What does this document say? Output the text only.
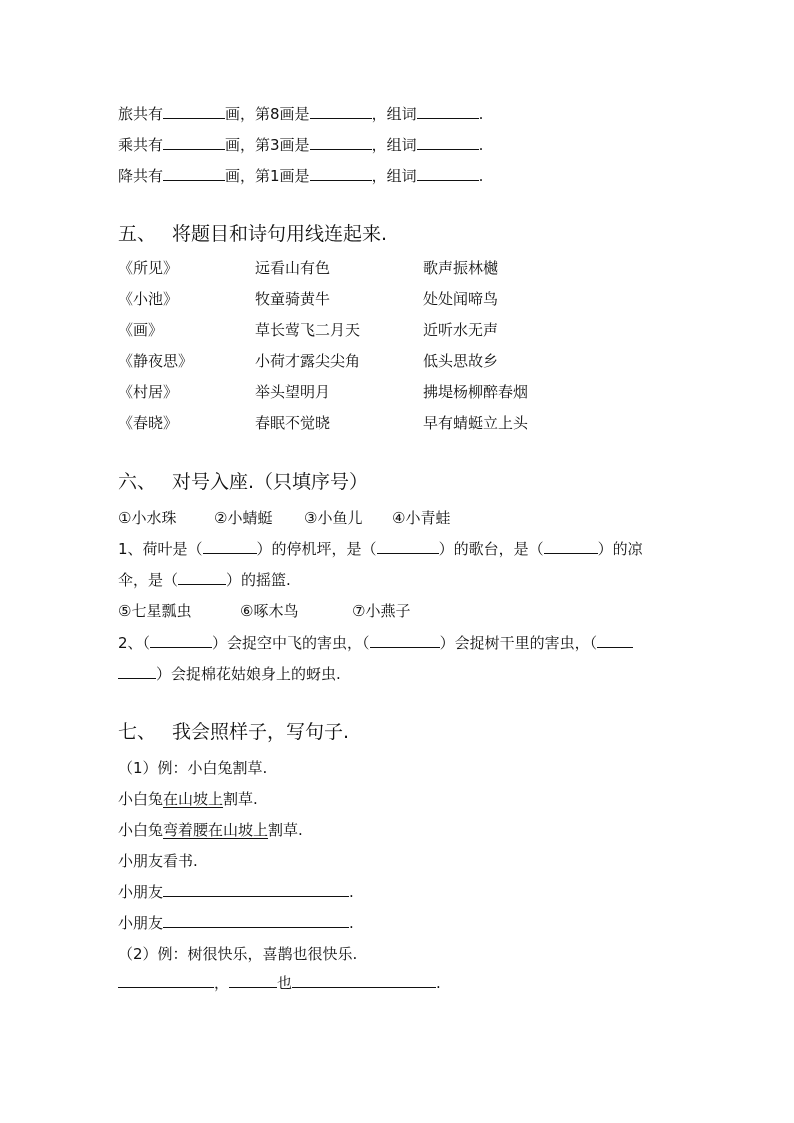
旅共有	画，第8画是	，组词	.
乘共有	画，第3画是	，组词	.
降共有	画，第1画是	，组词	.
五、 将题目和诗句用线连起来.
《所见》	远看山有色	歌声振林樾
《小池》	牧童骑黄牛	处处闻啼鸟
《画》	草长莺飞二月天	近听水无声
《静夜思》	小荷才露尖尖角	低头思故乡
《村居》	举头望明月	拂堤杨柳醉春烟
《春晓》	春眠不觉晓	早有蜻蜓立上头
六、 对号入座.（只填序号）
①小水珠	②小蜻蜓 ③小鱼儿 ④小青蛙
1、荷叶是（	）的停机坪，是（	）的歌台，是（	）的凉
伞，是（	）的摇篮.
⑤七星瓢虫	⑥啄木鸟	⑦小燕子
2、（	）会捉空中飞的害虫，（	）会捉树干里的害虫，（
）会捉棉花姑娘身上的蚜虫.
七、 我会照样子，写句子.
（1）例：小白兔割草.
小白兔在山坡上割草.
小白兔弯着腰在山坡上割草.
小朋友看书.
小朋友	.
小朋友	.
（2）例：树很快乐，喜鹊也很快乐.
，	也	.
